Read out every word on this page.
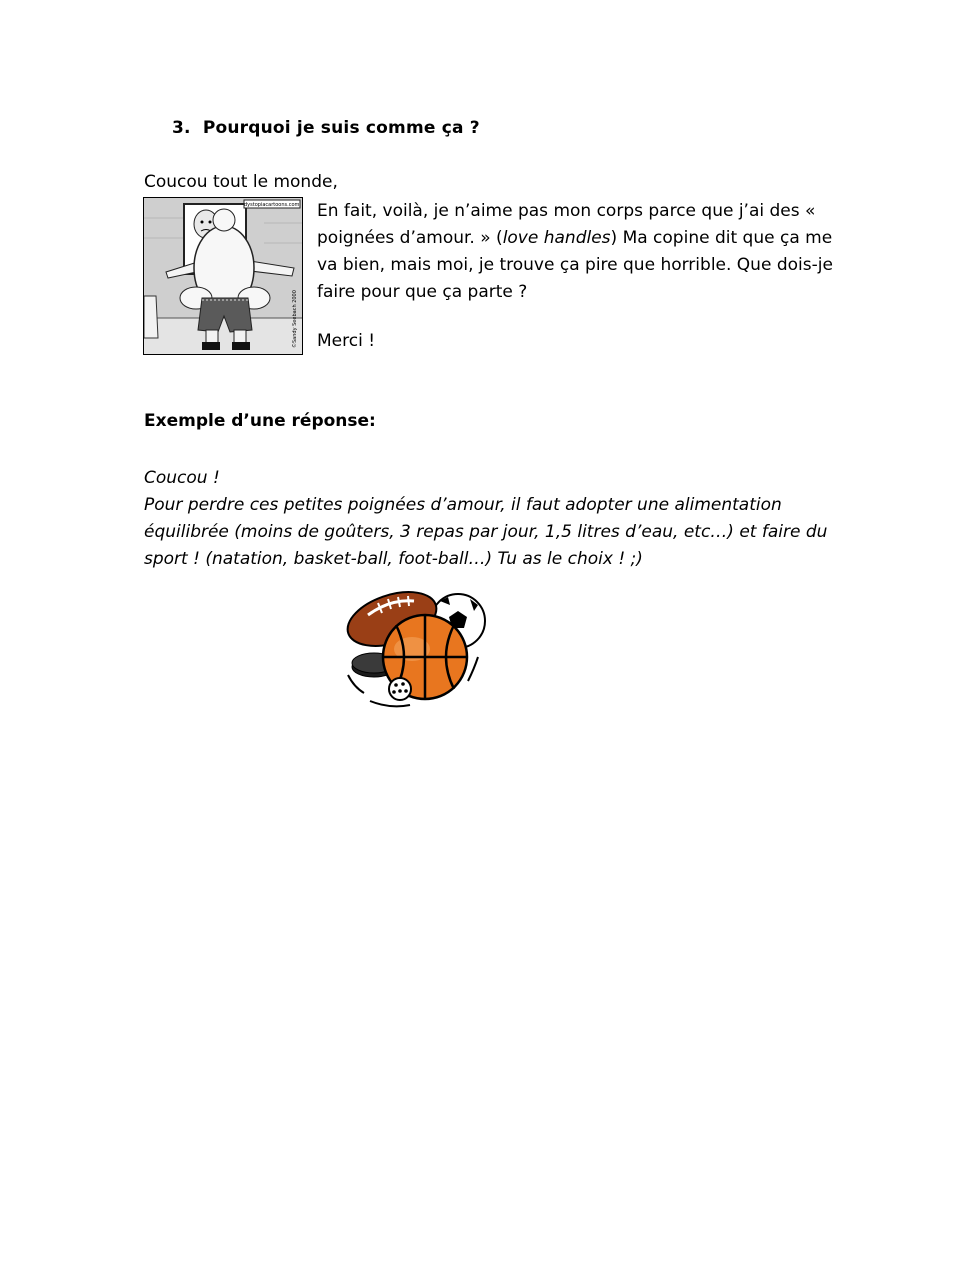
3. Pourquoi je suis comme ça ?
Coucou tout le monde,
dystopiacartoons.com
©Sandy Seebach 2000

En fait, voilà, je n’aime pas mon corps parce que j’ai des « poignées d’amour. » (love handles) Ma copine dit que ça me va bien, mais moi, je trouve ça pire que horrible. Que dois-je faire pour que ça parte ?

Merci !
Exemple d’une réponse:

Coucou !

Pour perdre ces petites poignées d’amour, il faut adopter une alimentation équilibrée (moins de goûters, 3 repas par jour, 1,5 litres d’eau, etc…) et faire du sport ! (natation, basket-ball, foot-ball…) Tu as le choix ! ;)
